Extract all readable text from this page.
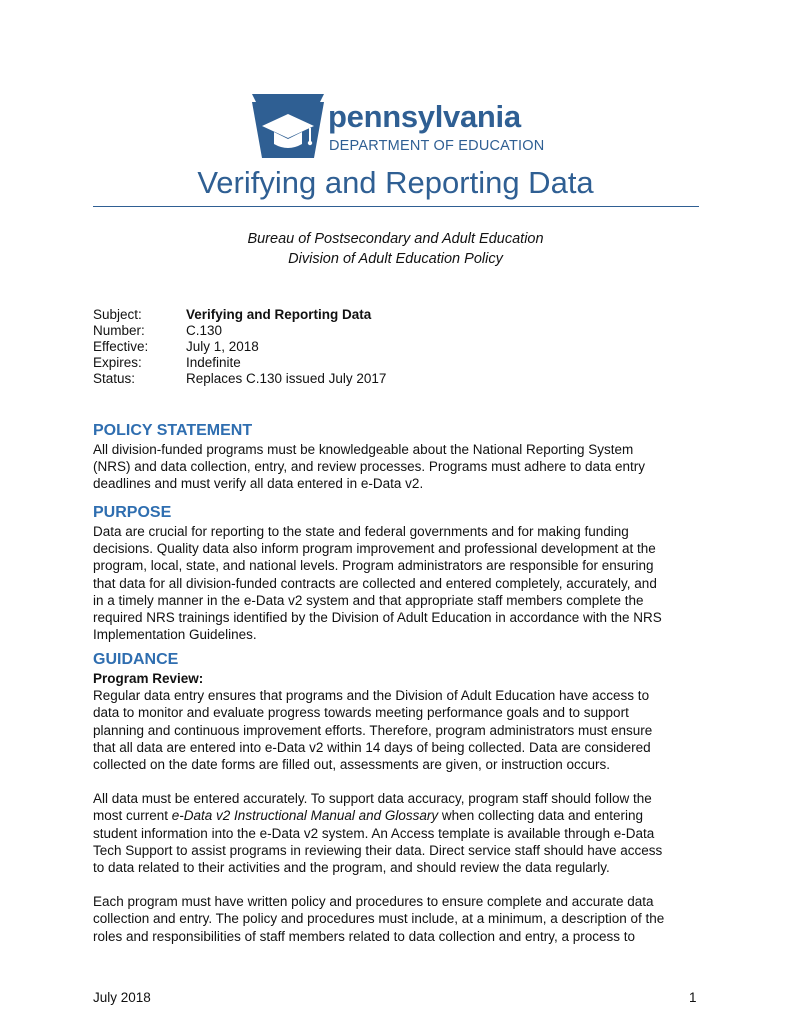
pennsylvania
DEPARTMENT OF EDUCATION
Verifying and Reporting Data
Bureau of Postsecondary and Adult Education
Division of Adult Education Policy
Subject:	Verifying and Reporting Data
Number:	C.130
Effective:	July 1, 2018
Expires:	Indefinite
Status:	Replaces C.130 issued July 2017
POLICY STATEMENT

All division-funded programs must be knowledgeable about the National Reporting System

(NRS) and data collection, entry, and review processes. Programs must adhere to data entry

deadlines and must verify all data entered in e-Data v2.

PURPOSE

Data are crucial for reporting to the state and federal governments and for making funding

decisions. Quality data also inform program improvement and professional development at the

program, local, state, and national levels. Program administrators are responsible for ensuring

that data for all division-funded contracts are collected and entered completely, accurately, and

in a timely manner in the e-Data v2 system and that appropriate staff members complete the

required NRS trainings identified by the Division of Adult Education in accordance with the NRS

Implementation Guidelines.

GUIDANCE

Program Review:

Regular data entry ensures that programs and the Division of Adult Education have access to

data to monitor and evaluate progress towards meeting performance goals and to support

planning and continuous improvement efforts. Therefore, program administrators must ensure

that all data are entered into e-Data v2 within 14 days of being collected. Data are considered

collected on the date forms are filled out, assessments are given, or instruction occurs.

All data must be entered accurately. To support data accuracy, program staff should follow the

most current e-Data v2 Instructional Manual and Glossary when collecting data and entering

student information into the e-Data v2 system. An Access template is available through e-Data

Tech Support to assist programs in reviewing their data. Direct service staff should have access

to data related to their activities and the program, and should review the data regularly.

Each program must have written policy and procedures to ensure complete and accurate data

collection and entry. The policy and procedures must include, at a minimum, a description of the

roles and responsibilities of staff members related to data collection and entry, a process to

July 2018	1
